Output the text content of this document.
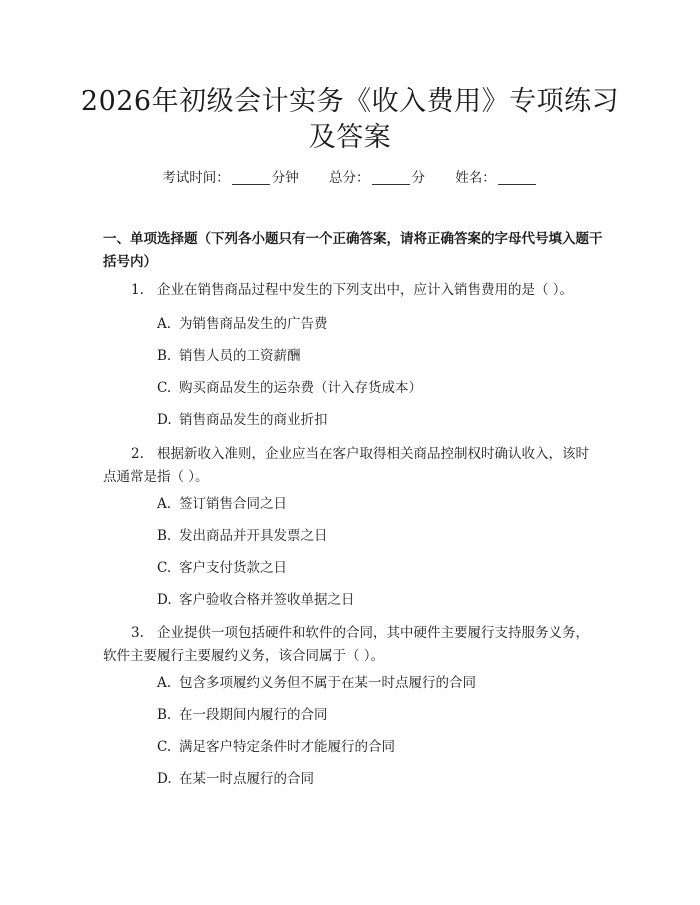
2026年初级会计实务《收入费用》专项练习
及答案
考试时间：	分钟 总分：	分 姓名：

一、单项选择题（下列各小题只有一个正确答案，请将正确答案的字母代号填入题干括号内）

1. 企业在销售商品过程中发生的下列支出中，应计入销售费用的是（ ）。

A. 为销售商品发生的广告费

B. 销售人员的工资薪酬

C. 购买商品发生的运杂费（计入存货成本）

D. 销售商品发生的商业折扣

2. 根据新收入准则，企业应当在客户取得相关商品控制权时确认收入，该时点通常是指（ ）。

A. 签订销售合同之日

B. 发出商品并开具发票之日

C. 客户支付货款之日

D. 客户验收合格并签收单据之日

3. 企业提供一项包括硬件和软件的合同，其中硬件主要履行支持服务义务，软件主要履行主要履约义务，该合同属于（ ）。

A. 包含多项履约义务但不属于在某一时点履行的合同

B. 在一段期间内履行的合同

C. 满足客户特定条件时才能履行的合同

D. 在某一时点履行的合同
